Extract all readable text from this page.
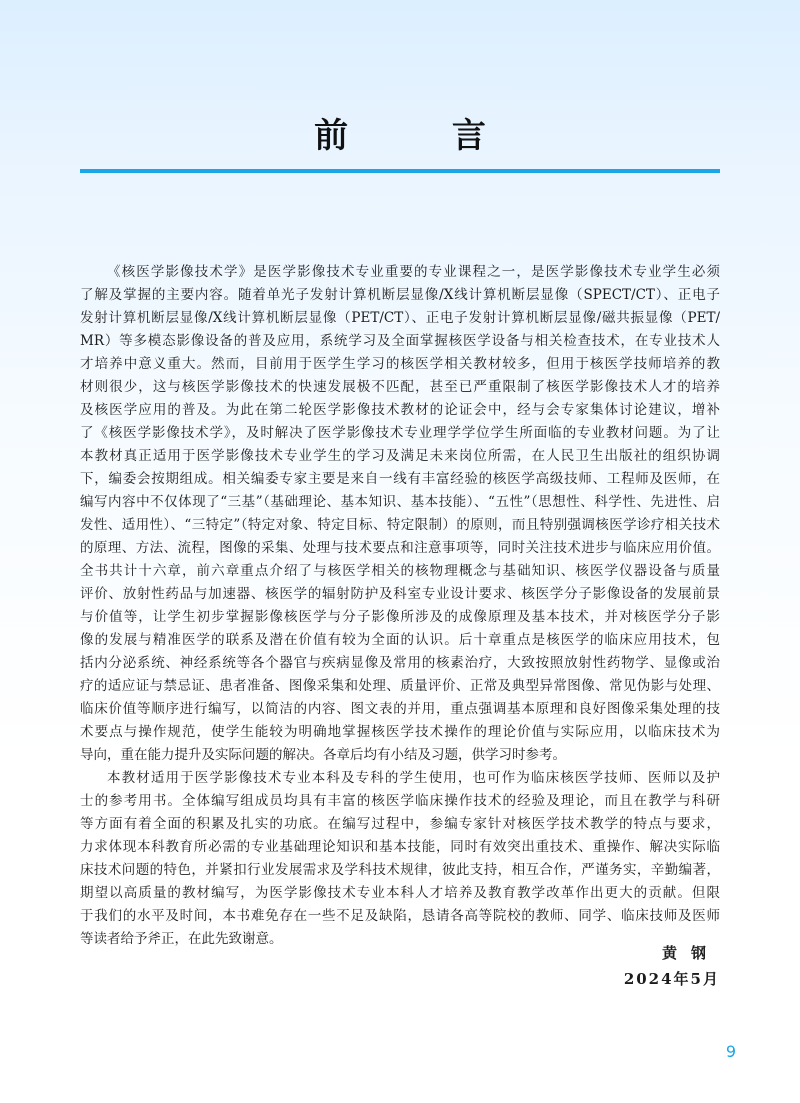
前 言
《核医学影像技术学》是医学影像技术专业重要的专业课程之一，是医学影像技术专业学生必须
了解及掌握的主要内容。随着单光子发射计算机断层显像/X线计算机断层显像（SPECT/CT）、正电子
发射计算机断层显像/X线计算机断层显像（PET/CT）、正电子发射计算机断层显像/磁共振显像（PET/
MR）等多模态影像设备的普及应用，系统学习及全面掌握核医学设备与相关检查技术，在专业技术人
才培养中意义重大。然而，目前用于医学生学习的核医学相关教材较多，但用于核医学技师培养的教
材则很少，这与核医学影像技术的快速发展极不匹配，甚至已严重限制了核医学影像技术人才的培养
及核医学应用的普及。为此在第二轮医学影像技术教材的论证会中，经与会专家集体讨论建议，增补
了《核医学影像技术学》，及时解决了医学影像技术专业理学学位学生所面临的专业教材问题。为了让
本教材真正适用于医学影像技术专业学生的学习及满足未来岗位所需，在人民卫生出版社的组织协调
下，编委会按期组成。相关编委专家主要是来自一线有丰富经验的核医学高级技师、工程师及医师，在
编写内容中不仅体现了“三基”（基础理论、基本知识、基本技能）、“五性”（思想性、科学性、先进性、启
发性、适用性）、“三特定”（特定对象、特定目标、特定限制）的原则，而且特别强调核医学诊疗相关技术
的原理、方法、流程，图像的采集、处理与技术要点和注意事项等，同时关注技术进步与临床应用价值。
全书共计十六章，前六章重点介绍了与核医学相关的核物理概念与基础知识、核医学仪器设备与质量
评价、放射性药品与加速器、核医学的辐射防护及科室专业设计要求、核医学分子影像设备的发展前景
与价值等，让学生初步掌握影像核医学与分子影像所涉及的成像原理及基本技术，并对核医学分子影
像的发展与精准医学的联系及潜在价值有较为全面的认识。后十章重点是核医学的临床应用技术，包
括内分泌系统、神经系统等各个器官与疾病显像及常用的核素治疗，大致按照放射性药物学、显像或治
疗的适应证与禁忌证、患者准备、图像采集和处理、质量评价、正常及典型异常图像、常见伪影与处理、
临床价值等顺序进行编写，以简洁的内容、图文表的并用，重点强调基本原理和良好图像采集处理的技
术要点与操作规范，使学生能较为明确地掌握核医学技术操作的理论价值与实际应用，以临床技术为
导向，重在能力提升及实际问题的解决。各章后均有小结及习题，供学习时参考。
本教材适用于医学影像技术专业本科及专科的学生使用，也可作为临床核医学技师、医师以及护
士的参考用书。全体编写组成员均具有丰富的核医学临床操作技术的经验及理论，而且在教学与科研
等方面有着全面的积累及扎实的功底。在编写过程中，参编专家针对核医学技术教学的特点与要求，
力求体现本科教育所必需的专业基础理论知识和基本技能，同时有效突出重技术、重操作、解决实际临
床技术问题的特色，并紧扣行业发展需求及学科技术规律，彼此支持，相互合作，严谨务实，辛勤编著，
期望以高质量的教材编写，为医学影像技术专业本科人才培养及教育教学改革作出更大的贡献。但限
于我们的水平及时间，本书难免存在一些不足及缺陷，恳请各高等院校的教师、同学、临床技师及医师
等读者给予斧正，在此先致谢意。
黄钢
2024年5月
9
